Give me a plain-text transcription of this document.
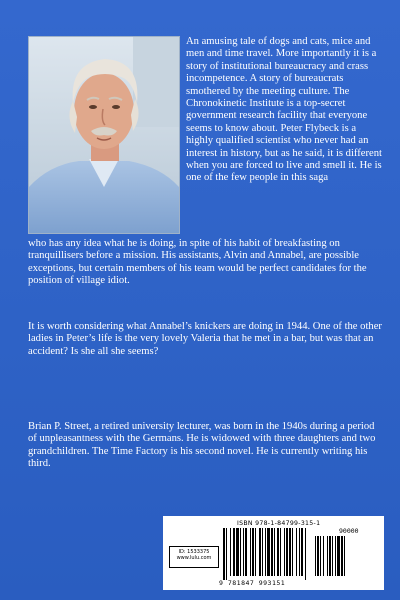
An amusing tale of dogs and cats, mice and men and time travel. More importantly it is a story of institutional bureaucracy and crass incompetence. A story of bureaucrats smothered by the meeting culture. The Chronokinetic Institute is a top-secret government research facility that everyone seems to know about. Peter Flybeck is a highly qualified scientist who never had an interest in history, but as he said, it is different when you are forced to live and smell it. He is one of the few people in this saga
who has any idea what he is doing, in spite of his habit of breakfasting on tranquillisers before a mission. His assistants, Alvin and Annabel, are possible exceptions, but certain members of his team would be perfect candidates for the position of village idiot.
It is worth considering what Annabel’s knickers are doing in 1944. One of the other ladies in Peter’s life is the very lovely Valeria that he met in a bar, but was that an accident? Is she all she seems?
Brian P. Street, a retired university lecturer, was born in the 1940s during a period of unpleasantness with the Germans. He is widowed with three daughters and two grandchildren. The Time Factory is his second novel. He is currently writing his third.
ISBN 978-1-84799-315-1
90000
ID: 1533375
www.lulu.com
9 781847 993151
